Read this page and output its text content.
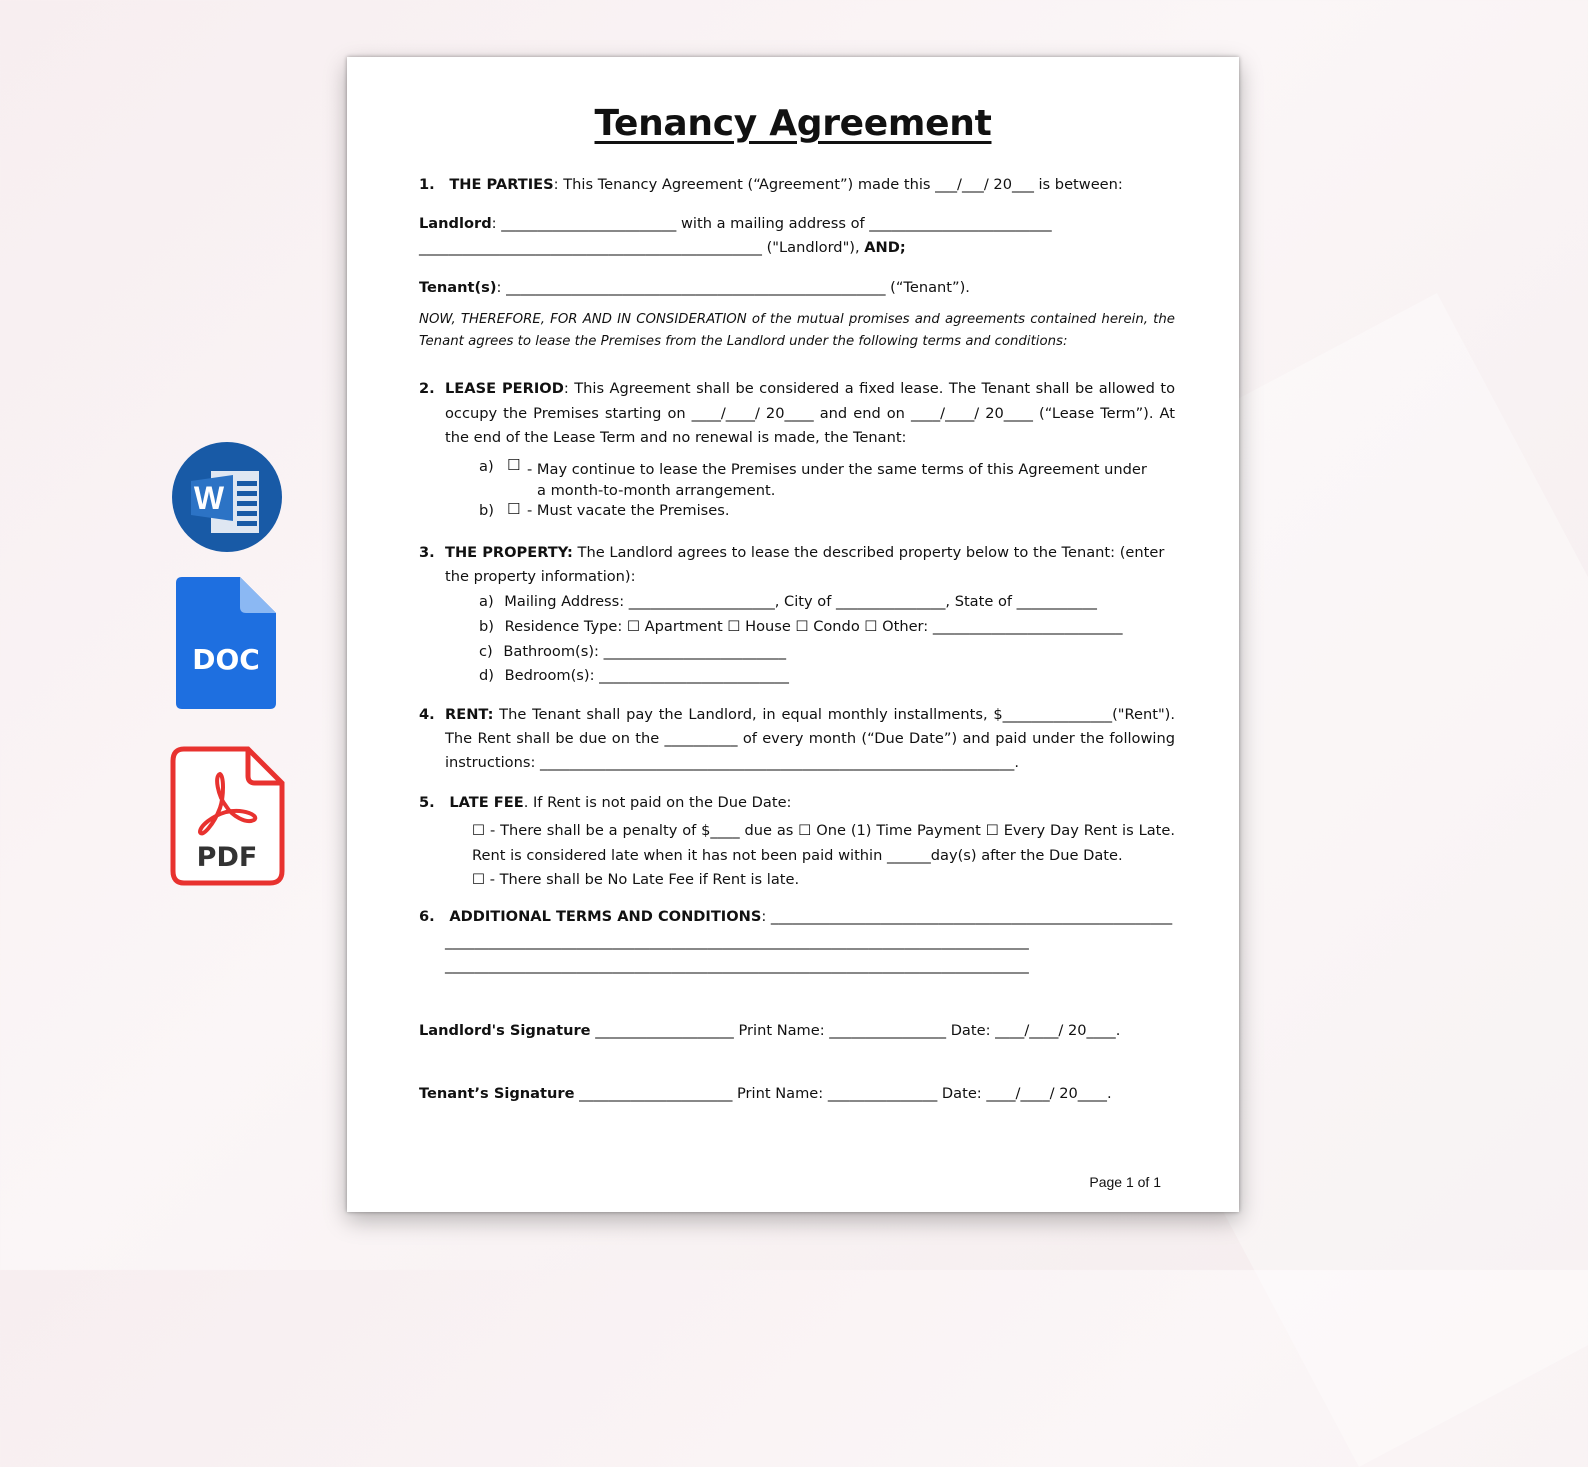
W
DOC
PDF
Tenancy Agreement
1. THE PARTIES: This Tenancy Agreement (“Agreement”) made this ___/___/ 20___ is between:
Landlord: ________________________ with a mailing address of _________________________
_______________________________________________ ("Landlord"), AND;
Tenant(s): ____________________________________________________ (“Tenant”).
NOW, THEREFORE, FOR AND IN CONSIDERATION of the mutual promises and agreements contained herein, the Tenant agrees to lease the Premises from the Landlord under the following terms and conditions:
2. LEASE PERIOD: This Agreement shall be considered a fixed lease. The Tenant shall be allowed to occupy the Premises starting on ____/____/ 20____ and end on ____/____/ 20____ (“Lease Term”). At the end of the Lease Term and no renewal is made, the Tenant:
a) ☐ - May continue to lease the Premises under the same terms of this Agreement under a month-to-month arrangement.
b) ☐ - Must vacate the Premises.
3. THE PROPERTY: The Landlord agrees to lease the described property below to the Tenant: (enter the property information):
a) Mailing Address: ____________________, City of _______________, State of ___________
b) Residence Type: ☐ Apartment ☐ House ☐ Condo ☐ Other: __________________________
c) Bathroom(s): _________________________
d) Bedroom(s): __________________________
4. RENT: The Tenant shall pay the Landlord, in equal monthly installments, $_______________("Rent"). The Rent shall be due on the __________ of every month (“Due Date”) and paid under the following instructions: _________________________________________________________________.
5. LATE FEE. If Rent is not paid on the Due Date:
☐ - There shall be a penalty of $____ due as ☐ One (1) Time Payment ☐ Every Day Rent is Late. Rent is considered late when it has not been paid within ______day(s) after the Due Date.
☐ - There shall be No Late Fee if Rent is late.
6. ADDITIONAL TERMS AND CONDITIONS: _______________________________________________________
________________________________________________________________________________
________________________________________________________________________________
Landlord's Signature ___________________ Print Name: ________________ Date: ____/____/ 20____.
Tenant’s Signature _____________________ Print Name: _______________ Date: ____/____/ 20____.
Page 1 of 1
